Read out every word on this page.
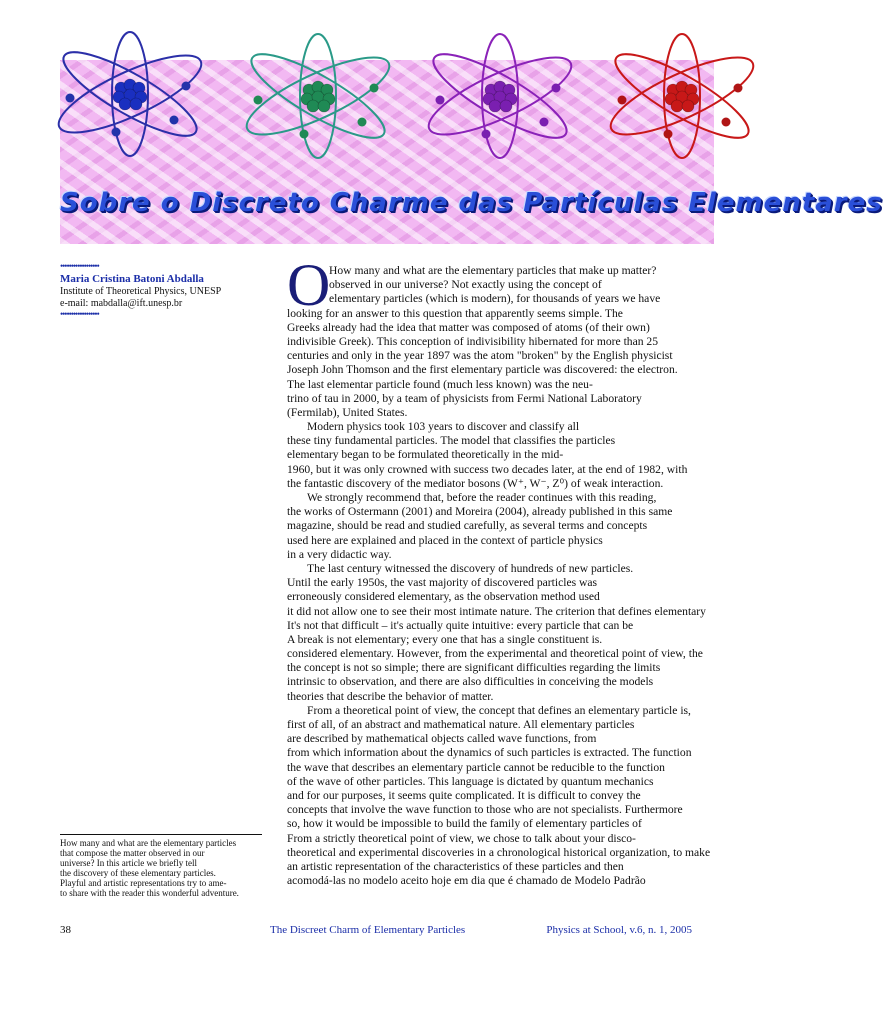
Sobre o Discreto Charme das Partículas Elementares
••••••••••••••••••
Maria Cristina Batoni Abdalla
Institute of Theoretical Physics, UNESP
e-mail: mabdalla@ift.unesp.br
••••••••••••••••••	O
How many and what are the elementary particles that make up matter?
observed in our universe? Not exactly using the concept of
elementary particles (which is modern), for thousands of years we have
looking for an answer to this question that apparently seems simple. The
Greeks already had the idea that matter was composed of atoms (of their own)
indivisible Greek). This conception of indivisibility hibernated for more than 25
centuries and only in the year 1897 was the atom "broken" by the English physicist
Joseph John Thomson and the first elementary particle was discovered: the electron.
The last elementar particle found (much less known) was the neu-
trino of tau in 2000, by a team of physicists from Fermi National Laboratory
(Fermilab), United States.
Modern physics took 103 years to discover and classify all
these tiny fundamental particles. The model that classifies the particles
elementary began to be formulated theoretically in the mid-
1960, but it was only crowned with success two decades later, at the end of 1982, with
the fantastic discovery of the mediator bosons (W⁺, W⁻, Z⁰) of weak interaction.
We strongly recommend that, before the reader continues with this reading,
the works of Ostermann (2001) and Moreira (2004), already published in this same
magazine, should be read and studied carefully, as several terms and concepts
used here are explained and placed in the context of particle physics
in a very didactic way.
The last century witnessed the discovery of hundreds of new particles.
Until the early 1950s, the vast majority of discovered particles was
erroneously considered elementary, as the observation method used
it did not allow one to see their most intimate nature. The criterion that defines elementary
It's not that difficult – it's actually quite intuitive: every particle that can be
A break is not elementary; every one that has a single constituent is.
considered elementary. However, from the experimental and theoretical point of view, the
the concept is not so simple; there are significant difficulties regarding the limits
intrinsic to observation, and there are also difficulties in conceiving the models
theories that describe the behavior of matter.
From a theoretical point of view, the concept that defines an elementary particle is,
first of all, of an abstract and mathematical nature. All elementary particles
are described by mathematical objects called wave functions, from
from which information about the dynamics of such particles is extracted. The function
the wave that describes an elementary particle cannot be reducible to the function
of the wave of other particles. This language is dictated by quantum mechanics
and for our purposes, it seems quite complicated. It is difficult to convey the
concepts that involve the wave function to those who are not specialists. Furthermore
so, how it would be impossible to build the family of elementary particles of
From a strictly theoretical point of view, we chose to talk about your disco-
theoretical and experimental discoveries in a chronological historical organization, to make
an artistic representation of the characteristics of these particles and then
acomodá-las no modelo aceito hoje em dia que é chamado de Modelo Padrão
How many and what are the elementary particles
that compose the matter observed in our
universe? In this article we briefly tell
the discovery of these elementary particles.
Playful and artistic representations try to ame-
to share with the reader this wonderful adventure.
38	The Discreet Charm of Elementary Particles	Physics at School, v.6, n. 1, 2005
